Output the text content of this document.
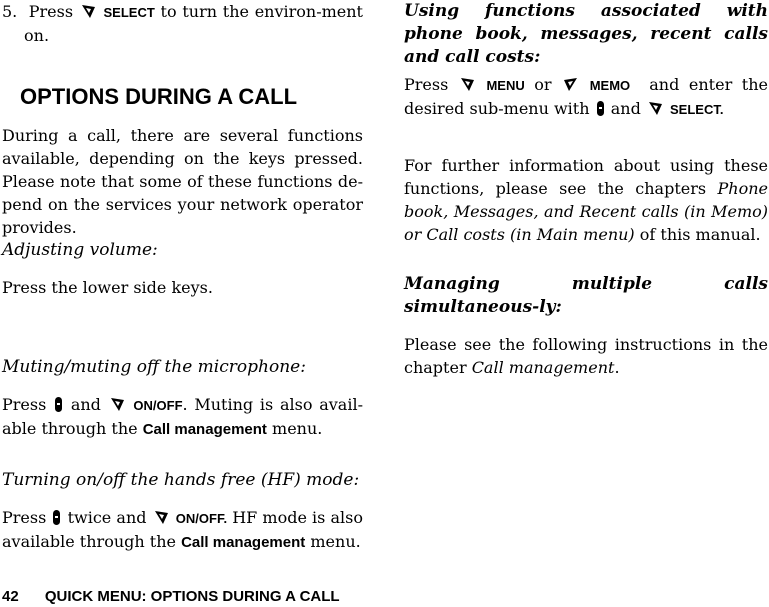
5. Press SELECT to turn the environ-ment on.

OPTIONS DURING A CALL

During a call, there are several functions available, depending on the keys pressed. Please note that some of these functions de-pend on the services your network operator provides.

Adjusting volume:

Press the lower side keys.

Muting/muting off the microphone:

Press and	ON/OFF. Muting is also avail-able through the Call management menu.

Turning on/off the hands free (HF) mode:

Press twice and ON/OFF. HF mode is also available through the Call management menu.

Using functions associated with phone book, messages, recent calls and call costs:

Press	MENU or	MEMO and enter the desired sub-menu with and SELECT.

For further information about using these functions, please see the chapters Phone book, Messages, and Recent calls (in Memo) or Call costs (in Main menu) of this manual.

Managing multiple calls simultaneous-ly:

Please see the following instructions in the chapter Call management.

42 QUICK MENU: OPTIONS DURING A CALL
